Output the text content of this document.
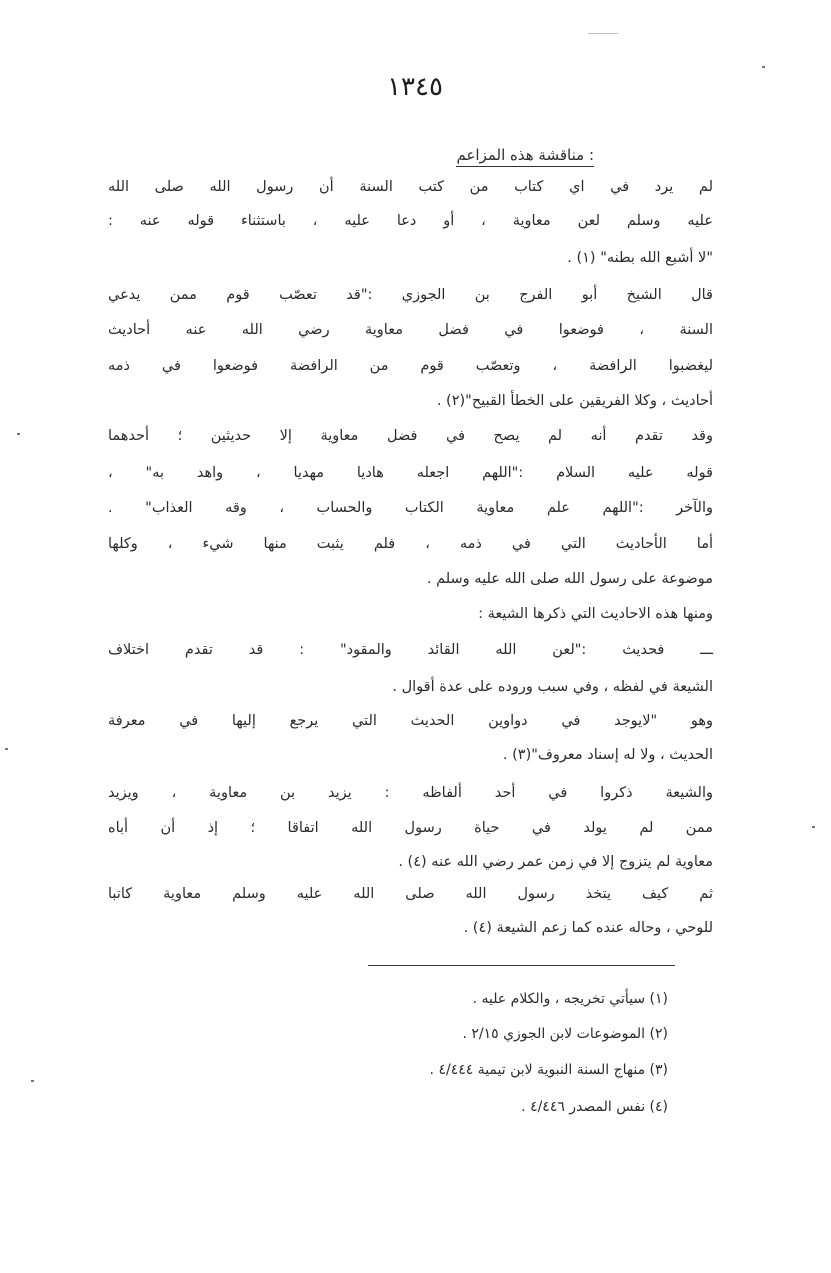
١٣٤٥
مناقشة هذه المزاعم :
لم يرد في اي كتاب من كتب السنة أن رسول الله صلى الله
عليه وسلم لعن معاوية ، أو دعا عليه ، باستثناء قوله عنه :
"لا أشبع الله بطنه" (١) .
قال الشيخ أبو الفرج بن الجوزي :"قد تعصّب قوم ممن يدعي
السنة ، فوضعوا في فضل معاوية رضي الله عنه أحاديث
ليغضبوا الرافضة ، وتعصّب قوم من الرافضة فوضعوا في ذمه
أحاديث ، وكلا الفريقين على الخطأ القبيح"(٢) .
وقد تقدم أنه لم يصح في فضل معاوية إلا حديثين ؛ أحدهما
قوله عليه السلام :"اللهم اجعله هاديا مهديا ، واهد به" ،
والآخر :"اللهم علم معاوية الكتاب والحساب ، وقه العذاب" .
أما الأحاديث التي في ذمه ، فلم يثبت منها شيء ، وكلها
موضوعة على رسول الله صلى الله عليه وسلم .
ومنها هذه الاحاديث التي ذكرها الشيعة :
ـــ فحديث :"لعن الله القائد والمقود" : قد تقدم اختلاف
الشيعة في لفظه ، وفي سبب وروده على عدة أقوال .
وهو "لايوجد في دواوين الحديث التي يرجع إليها في معرفة
الحديث ، ولا له إسناد معروف"(٣) .
والشيعة ذكروا في أحد ألفاظه : يزيد بن معاوية ، ويزيد
ممن لم يولد في حياة رسول الله اتفاقا ؛ إذ أن أباه
معاوية لم يتزوج إلا في زمن عمر رضي الله عنه (٤) .
ثم كيف يتخذ رسول الله صلى الله عليه وسلم معاوية كاتبا
للوحي ، وحاله عنده كما زعم الشيعة (٤) .
(١) سيأتي تخريجه ، والكلام عليه .
(٢) الموضوعات لابن الجوزي ٢/١٥ .
(٣) منهاج السنة النبوية لابن تيمية ٤/٤٤٤ .
(٤) نفس المصدر ٤/٤٤٦ .
